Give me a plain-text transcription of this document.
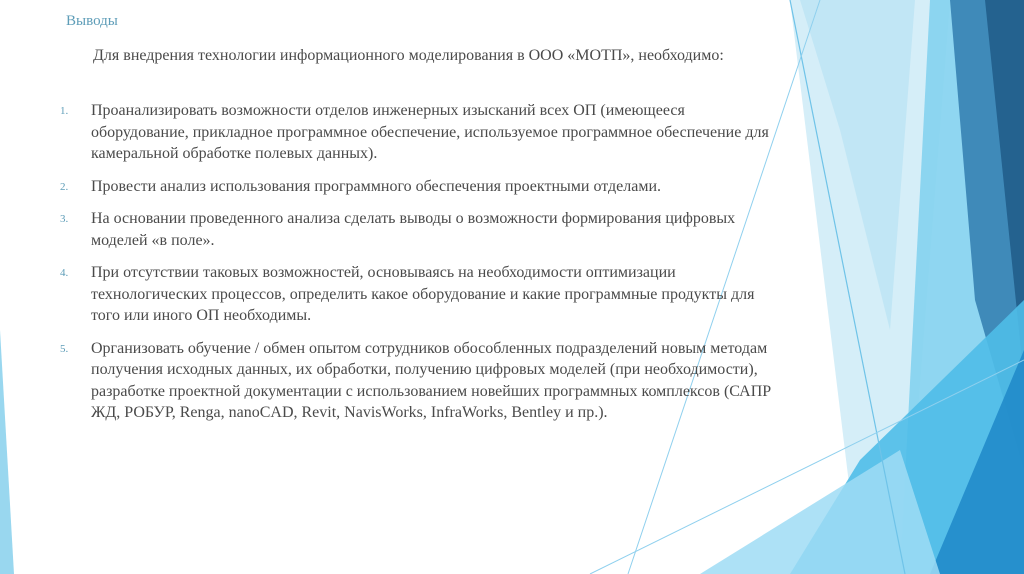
Выводы

Для внедрения технологии информационного моделирования в ООО «МОТП», необходимо:

1. Проанализировать возможности отделов инженерных изысканий всех ОП (имеющееся оборудование, прикладное программное обеспечение, используемое программное обеспечение для камеральной обработке полевых данных).
2. Провести анализ использования программного обеспечения проектными отделами.
3. На основании проведенного анализа сделать выводы о возможности формирования цифровых моделей «в поле».
4. При отсутствии таковых возможностей, основываясь на необходимости оптимизации технологических процессов, определить какое оборудование и какие программные продукты для того или иного ОП необходимы.
5. Организовать обучение / обмен опытом сотрудников обособленных подразделений новым методам получения исходных данных, их обработки, получению цифровых моделей (при необходимости), разработке проектной документации с использованием новейших программных комплексов (САПР ЖД, РОБУР, Renga, nanoCAD, Revit, NavisWorks, InfraWorks, Bentley и пр.).
